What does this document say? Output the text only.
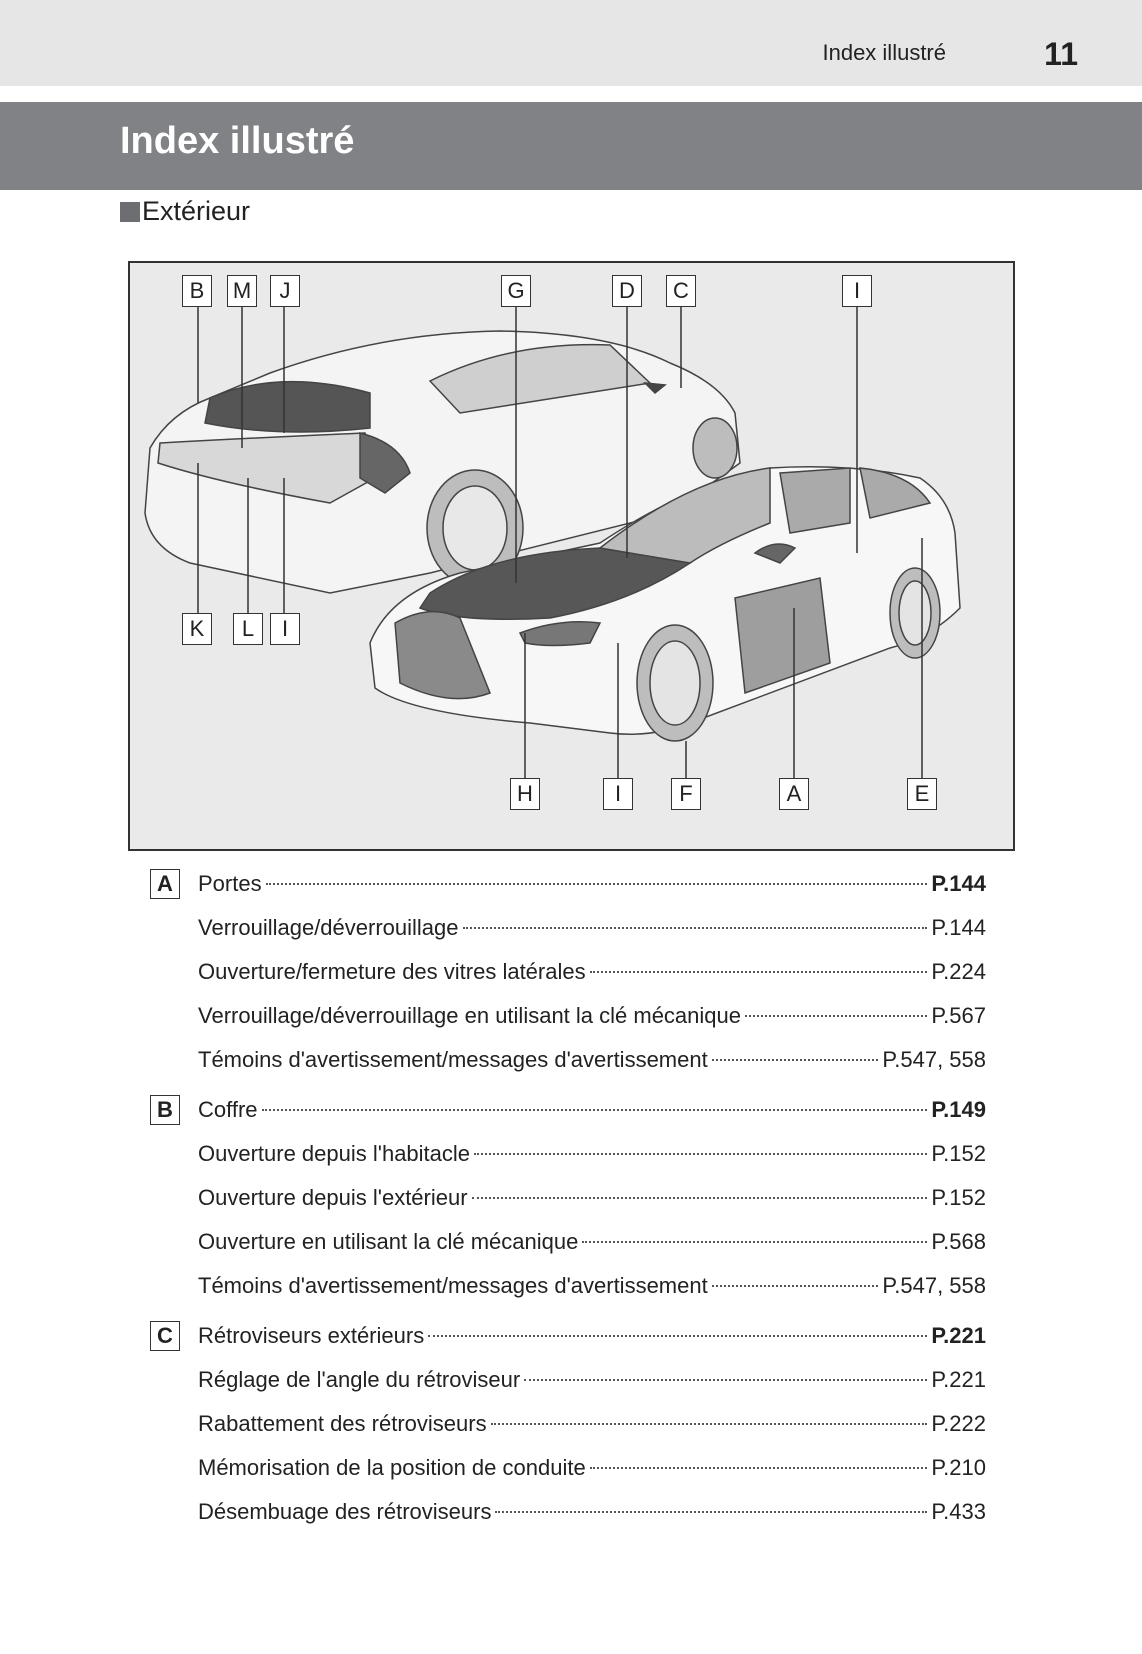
Index illustré	11
Index illustré
Extérieur
B	M	J	G	D	C	I
K	L	I
H	I	F	A	E
A	Portes	P.144
Verrouillage/déverrouillage	P.144
Ouverture/fermeture des vitres latérales	P.224
Verrouillage/déverrouillage en utilisant la clé mécanique	P.567
Témoins d'avertissement/messages d'avertissement	P.547, 558
B	Coffre	P.149
Ouverture depuis l'habitacle	P.152
Ouverture depuis l'extérieur	P.152
Ouverture en utilisant la clé mécanique	P.568
Témoins d'avertissement/messages d'avertissement	P.547, 558
C	Rétroviseurs extérieurs	P.221
Réglage de l'angle du rétroviseur	P.221
Rabattement des rétroviseurs	P.222
Mémorisation de la position de conduite	P.210
Désembuage des rétroviseurs	P.433
